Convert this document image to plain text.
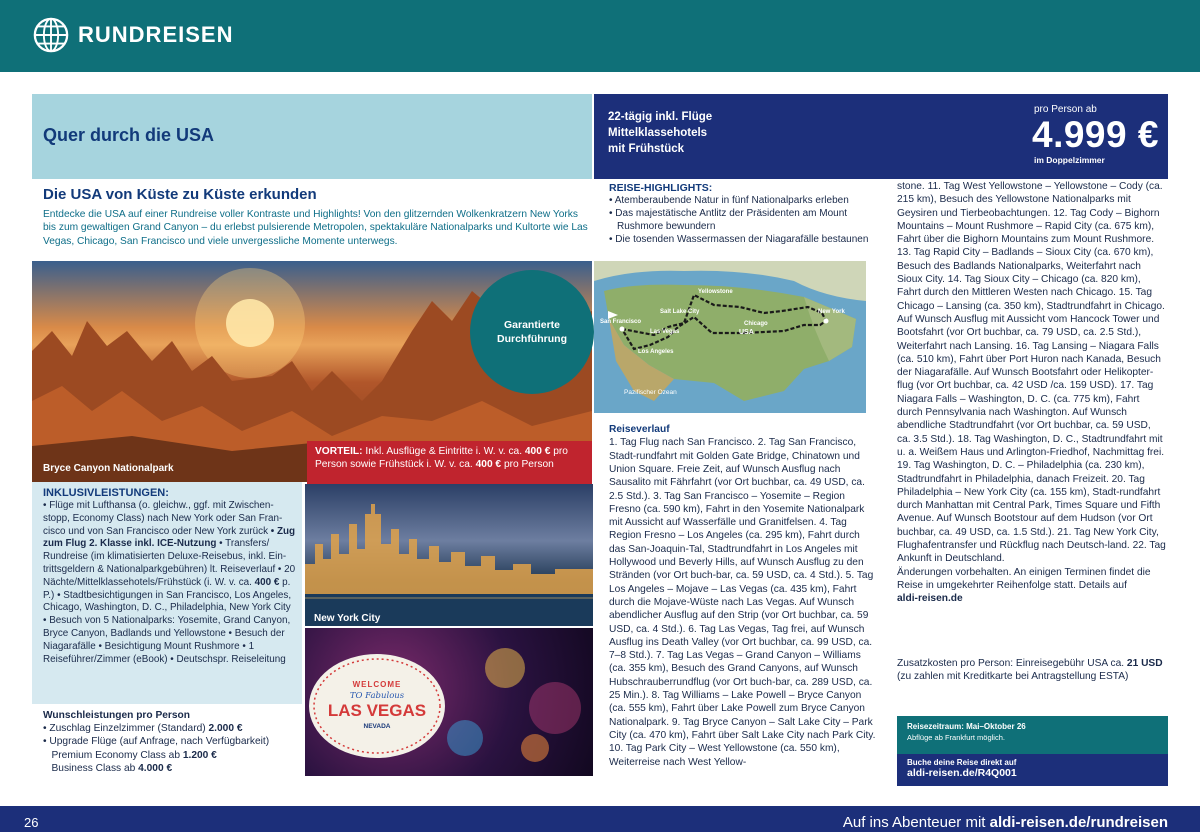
RUNDREISEN
Quer durch die USA
22-tägig inkl. Flüge
Mittelklassehotels
mit Frühstück
pro Person ab
4.999 €
im Doppelzimmer
Die USA von Küste zu Küste erkunden

Entdecke die USA auf einer Rundreise voller Kontraste und Highlights! Von den glitzernden Wolkenkratzern New Yorks bis zum gewaltigen Grand Canyon – du erlebst pulsierende Metropolen, spektakuläre Nationalparks und Kultorte wie Las Vegas, Chicago, San Francisco und viele unvergessliche Momente unterwegs.

Bryce Canyon Nationalpark
Garantierte Durchführung
VORTEIL: Inkl. Ausflüge & Eintritte i. W. v. ca. 400 € pro Person sowie Frühstück i. W. v. ca. 400 € pro Person
INKLUSIVLEISTUNGEN:

• Flüge mit Lufthansa (o. gleichw., ggf. mit Zwischen-stopp, Economy Class) nach New York oder San Fran-cisco und von San Francisco oder New York zurück • Zug zum Flug 2. Klasse inkl. ICE-Nutzung • Transfers/ Rundreise (im klimatisierten Deluxe-Reisebus, inkl. Ein-trittsgeldern & Nationalparkgebühren) lt. Reiseverlauf • 20 Nächte/Mittelklassehotels/Frühstück (i. W. v. ca. 400 € p. P.) • Stadtbesichtigungen in San Francisco, Los Angeles, Chicago, Washington, D. C., Philadelphia, New York City • Besuch von 5 Nationalparks: Yosemite, Grand Canyon, Bryce Canyon, Badlands und Yellowstone • Besuch der Niagarafälle • Besichtigung Mount Rushmore • 1 Reiseführer/Zimmer (eBook) • Deutschspr. Reiseleitung

Wunschleistungen pro Person

• Zuschlag Einzelzimmer (Standard) 2.000 €

• Upgrade Flüge (auf Anfrage, nach Verfügbarkeit)

Premium Economy Class ab 1.200 €

Business Class ab 4.000 €

New York City
WELCOME
TO Fabulous
LAS VEGAS
NEVADA
REISE-HIGHLIGHTS:

• Atemberaubende Natur in fünf Nationalparks erleben

• Das majestätische Antlitz der Präsidenten am Mount Rushmore bewundern

• Die tosenden Wassermassen der Niagarafälle bestaunen

San Francisco
Salt Lake City
Las Vegas
Los Angeles
Chicago
New York
Yellowstone
USA
Pazifischer Ozean
Reiseverlauf

1. Tag Flug nach San Francisco. 2. Tag San Francisco, Stadt-rundfahrt mit Golden Gate Bridge, Chinatown und Union Square. Freie Zeit, auf Wunsch Ausflug nach Sausalito mit Fährfahrt (vor Ort buchbar, ca. 49 USD, ca. 2.5 Std.). 3. Tag San Francisco – Yosemite – Region Fresno (ca. 590 km), Fahrt in den Yosemite Nationalpark mit Aussicht auf Wasserfälle und Granitfelsen. 4. Tag Region Fresno – Los Angeles (ca. 295 km), Fahrt durch das San-Joaquin-Tal, Stadtrundfahrt in Los Angeles mit Hollywood und Beverly Hills, auf Wunsch Ausflug zu den Stränden (vor Ort buch-bar, ca. 59 USD, ca. 4 Std.). 5. Tag Los Angeles – Mojave – Las Vegas (ca. 435 km), Fahrt durch die Mojave-Wüste nach Las Vegas. Auf Wunsch abendlicher Ausflug auf den Strip (vor Ort buchbar, ca. 59 USD, ca. 4 Std.). 6. Tag Las Vegas, Tag frei, auf Wunsch Ausflug ins Death Valley (vor Ort buchbar, ca. 99 USD, ca. 7–8 Std.). 7. Tag Las Vegas – Grand Canyon – Williams (ca. 355 km), Besuch des Grand Canyons, auf Wunsch Hubschrauberrundflug (vor Ort buch-bar, ca. 289 USD, ca. 25 Min.). 8. Tag Williams – Lake Powell – Bryce Canyon (ca. 555 km), Fahrt über Lake Powell zum Bryce Canyon Nationalpark. 9. Tag Bryce Canyon – Salt Lake City – Park City (ca. 470 km), Fahrt über Salt Lake City nach Park City. 10. Tag Park City – West Yellowstone (ca. 550 km), Weiterreise nach West Yellow-

stone. 11. Tag West Yellowstone – Yellowstone – Cody (ca. 215 km), Besuch des Yellowstone Nationalparks mit Geysiren und Tierbeobachtungen. 12. Tag Cody – Bighorn Mountains – Mount Rushmore – Rapid City (ca. 675 km), Fahrt über die Bighorn Mountains zum Mount Rushmore. 13. Tag Rapid City – Badlands – Sioux City (ca. 670 km), Besuch des Badlands Nationalparks, Weiterfahrt nach Sioux City. 14. Tag Sioux City – Chicago (ca. 820 km), Fahrt durch den Mittleren Westen nach Chicago. 15. Tag Chicago – Lansing (ca. 350 km), Stadtrundfahrt in Chicago. Auf Wunsch Ausflug mit Aussicht vom Hancock Tower und Bootsfahrt (vor Ort buchbar, ca. 79 USD, ca. 2.5 Std.), Weiterfahrt nach Lansing. 16. Tag Lansing – Niagara Falls (ca. 510 km), Fahrt über Port Huron nach Kanada, Besuch der Niagarafälle. Auf Wunsch Bootsfahrt oder Helikopter-flug (vor Ort buchbar, ca. 42 USD /ca. 159 USD). 17. Tag Niagara Falls – Washington, D. C. (ca. 775 km), Fahrt durch Pennsylvania nach Washington. Auf Wunsch abendliche Stadtrundfahrt (vor Ort buchbar, ca. 59 USD, ca. 3.5 Std.). 18. Tag Washington, D. C., Stadtrundfahrt mit u. a. Weißem Haus und Arlington-Friedhof, Nachmittag frei. 19. Tag Washington, D. C. – Philadelphia (ca. 230 km), Stadtrundfahrt in Philadelphia, danach Freizeit. 20. Tag Philadelphia – New York City (ca. 155 km), Stadt-rundfahrt durch Manhattan mit Central Park, Times Square und Fifth Avenue. Auf Wunsch Bootstour auf dem Hudson (vor Ort buchbar, ca. 49 USD, ca. 1.5 Std.). 21. Tag New York City, Flughafentransfer und Rückflug nach Deutsch-land. 22. Tag Ankunft in Deutschland.

Änderungen vorbehalten. An einigen Terminen findet die Reise in umgekehrter Reihenfolge statt. Details auf

aldi-reisen.de

Zusatzkosten pro Person: Einreisegebühr USA ca. 21 USD

(zu zahlen mit Kreditkarte bei Antragstellung ESTA)

Reisezeitraum: Mai–Oktober 26
Abflüge ab Frankfurt möglich.
Buche deine Reise direkt auf
aldi-reisen.de/R4Q001
26	Auf ins Abenteuer mit aldi-reisen.de/rundreisen
